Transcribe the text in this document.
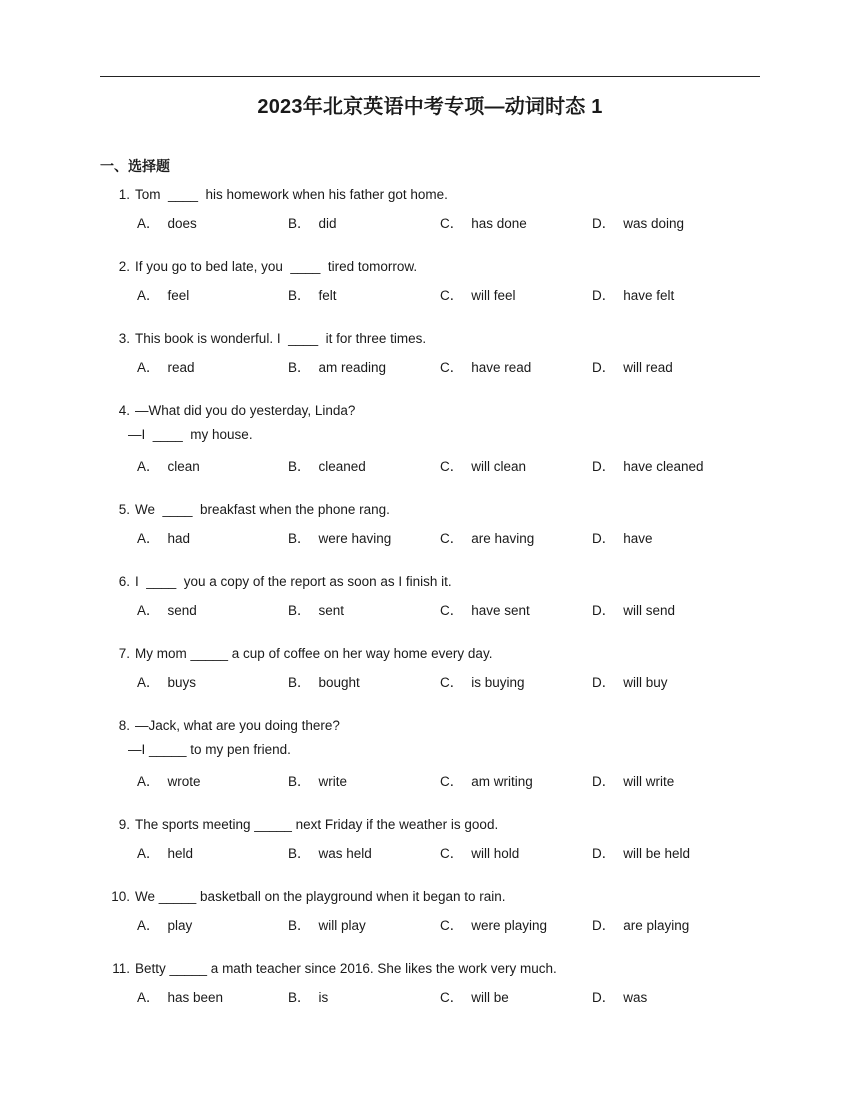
2023年北京英语中考专项—动词时态 1
一、选择题
1. Tom  ____  his homework when his father got home.
A． does	B． did	C． has done	D． was doing
2. If you go to bed late, you  ____  tired tomorrow.
A． feel	B． felt	C． will feel	D． have felt
3. This book is wonderful. I  ____  it for three times.
A． read	B． am reading	C． have read	D． will read
4. —What did you do yesterday, Linda?
—I  ____  my house.
A． clean	B． cleaned	C． will clean	D． have cleaned
5. We  ____  breakfast when the phone rang.
A． had	B． were having	C． are having	D． have
6. I  ____  you a copy of the report as soon as I finish it.
A． send	B． sent	C． have sent	D． will send
7. My mom _____ a cup of coffee on her way home every day.
A． buys	B． bought	C． is buying	D． will buy
8. —Jack, what are you doing there?
—I _____ to my pen friend.
A． wrote	B． write	C． am writing	D． will write
9. The sports meeting _____ next Friday if the weather is good.
A． held	B． was held	C． will hold	D． will be held
10. We _____ basketball on the playground when it began to rain.
A． play	B． will play	C． were playing	D． are playing
11. Betty _____ a math teacher since 2016. She likes the work very much.
A． has been	B． is	C． will be	D． was
